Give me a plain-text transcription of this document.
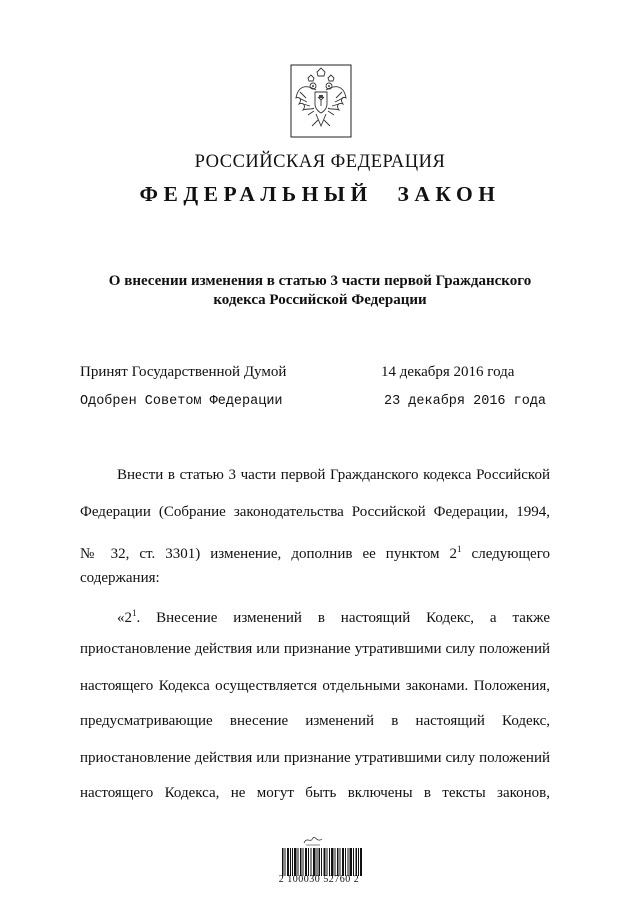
РОССИЙСКАЯ ФЕДЕРАЦИЯ
ФЕДЕРАЛЬНЫЙ ЗАКОН
О внесении изменения в статью 3 части первой Гражданского
кодекса Российской Федерации
Принят Государственной Думой	14 декабря 2016 года
Одобрен Советом Федерации	23 декабря 2016 года
Внести в статью 3 части первой Гражданского кодекса Российской
Федерации (Собрание законодательства Российской Федерации, 1994,
№ 32, ст. 3301) изменение, дополнив ее пунктом $2^1$ следующего
содержания:
«$2^1$. Внесение изменений в настоящий Кодекс, а также
приостановление действия или признание утратившими силу положений
настоящего Кодекса осуществляется отдельными законами. Положения,
предусматривающие внесение изменений в настоящий Кодекс,
приостановление действия или признание утратившими силу положений
настоящего Кодекса, не могут быть включены в тексты законов,
2 100030 52760 2
